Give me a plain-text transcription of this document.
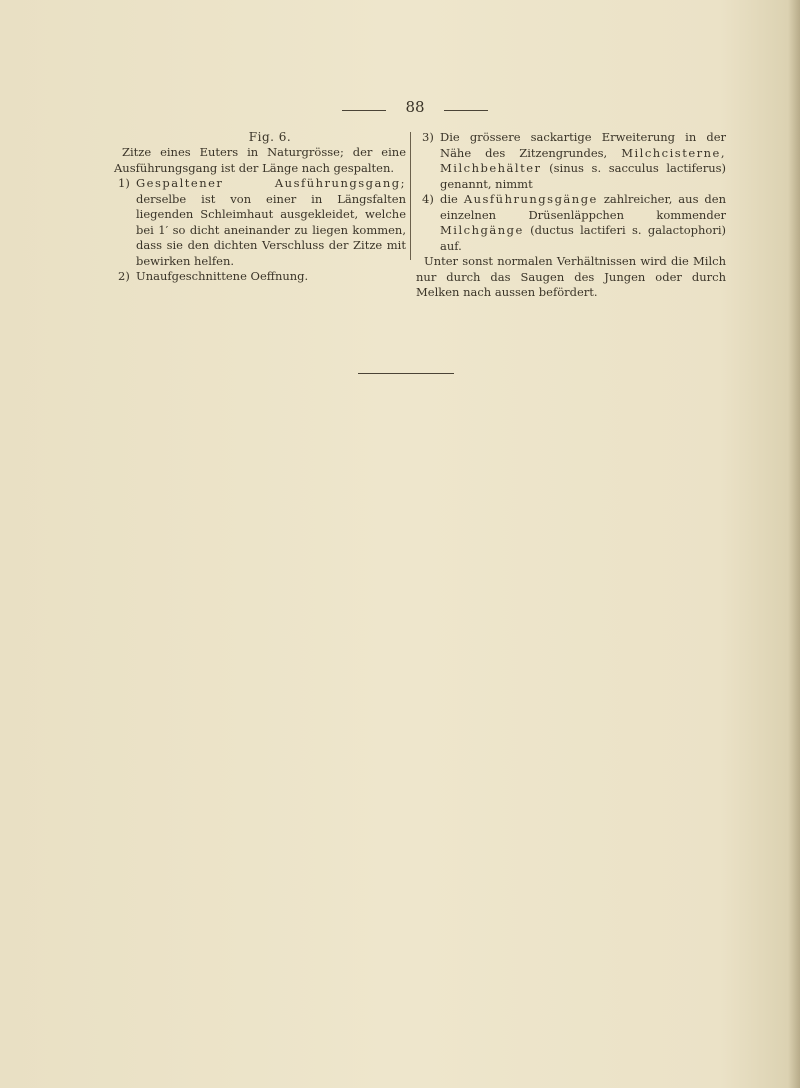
88
Fig. 6.
Zitze eines Euters in Naturgrösse; der eine Ausführungsgang ist der Länge nach gespalten.
1) Gespaltener Ausführungsgang; derselbe ist von einer in Längsfalten liegenden Schleimhaut ausgekleidet, welche bei 1′ so dicht aneinander zu liegen kommen, dass sie den dichten Verschluss der Zitze mit bewirken helfen.
2) Unaufgeschnittene Oeffnung.
3) Die grössere sackartige Erweiterung in der Nähe des Zitzengrundes, Milchcisterne, Milchbehälter (sinus s. sacculus lactiferus) genannt, nimmt
4) die Ausführungsgänge zahlreicher, aus den einzelnen Drüsenläppchen kommender Milchgänge (ductus lactiferi s. galactophori) auf.
Unter sonst normalen Verhältnissen wird die Milch nur durch das Saugen des Jungen oder durch Melken nach aussen befördert.
